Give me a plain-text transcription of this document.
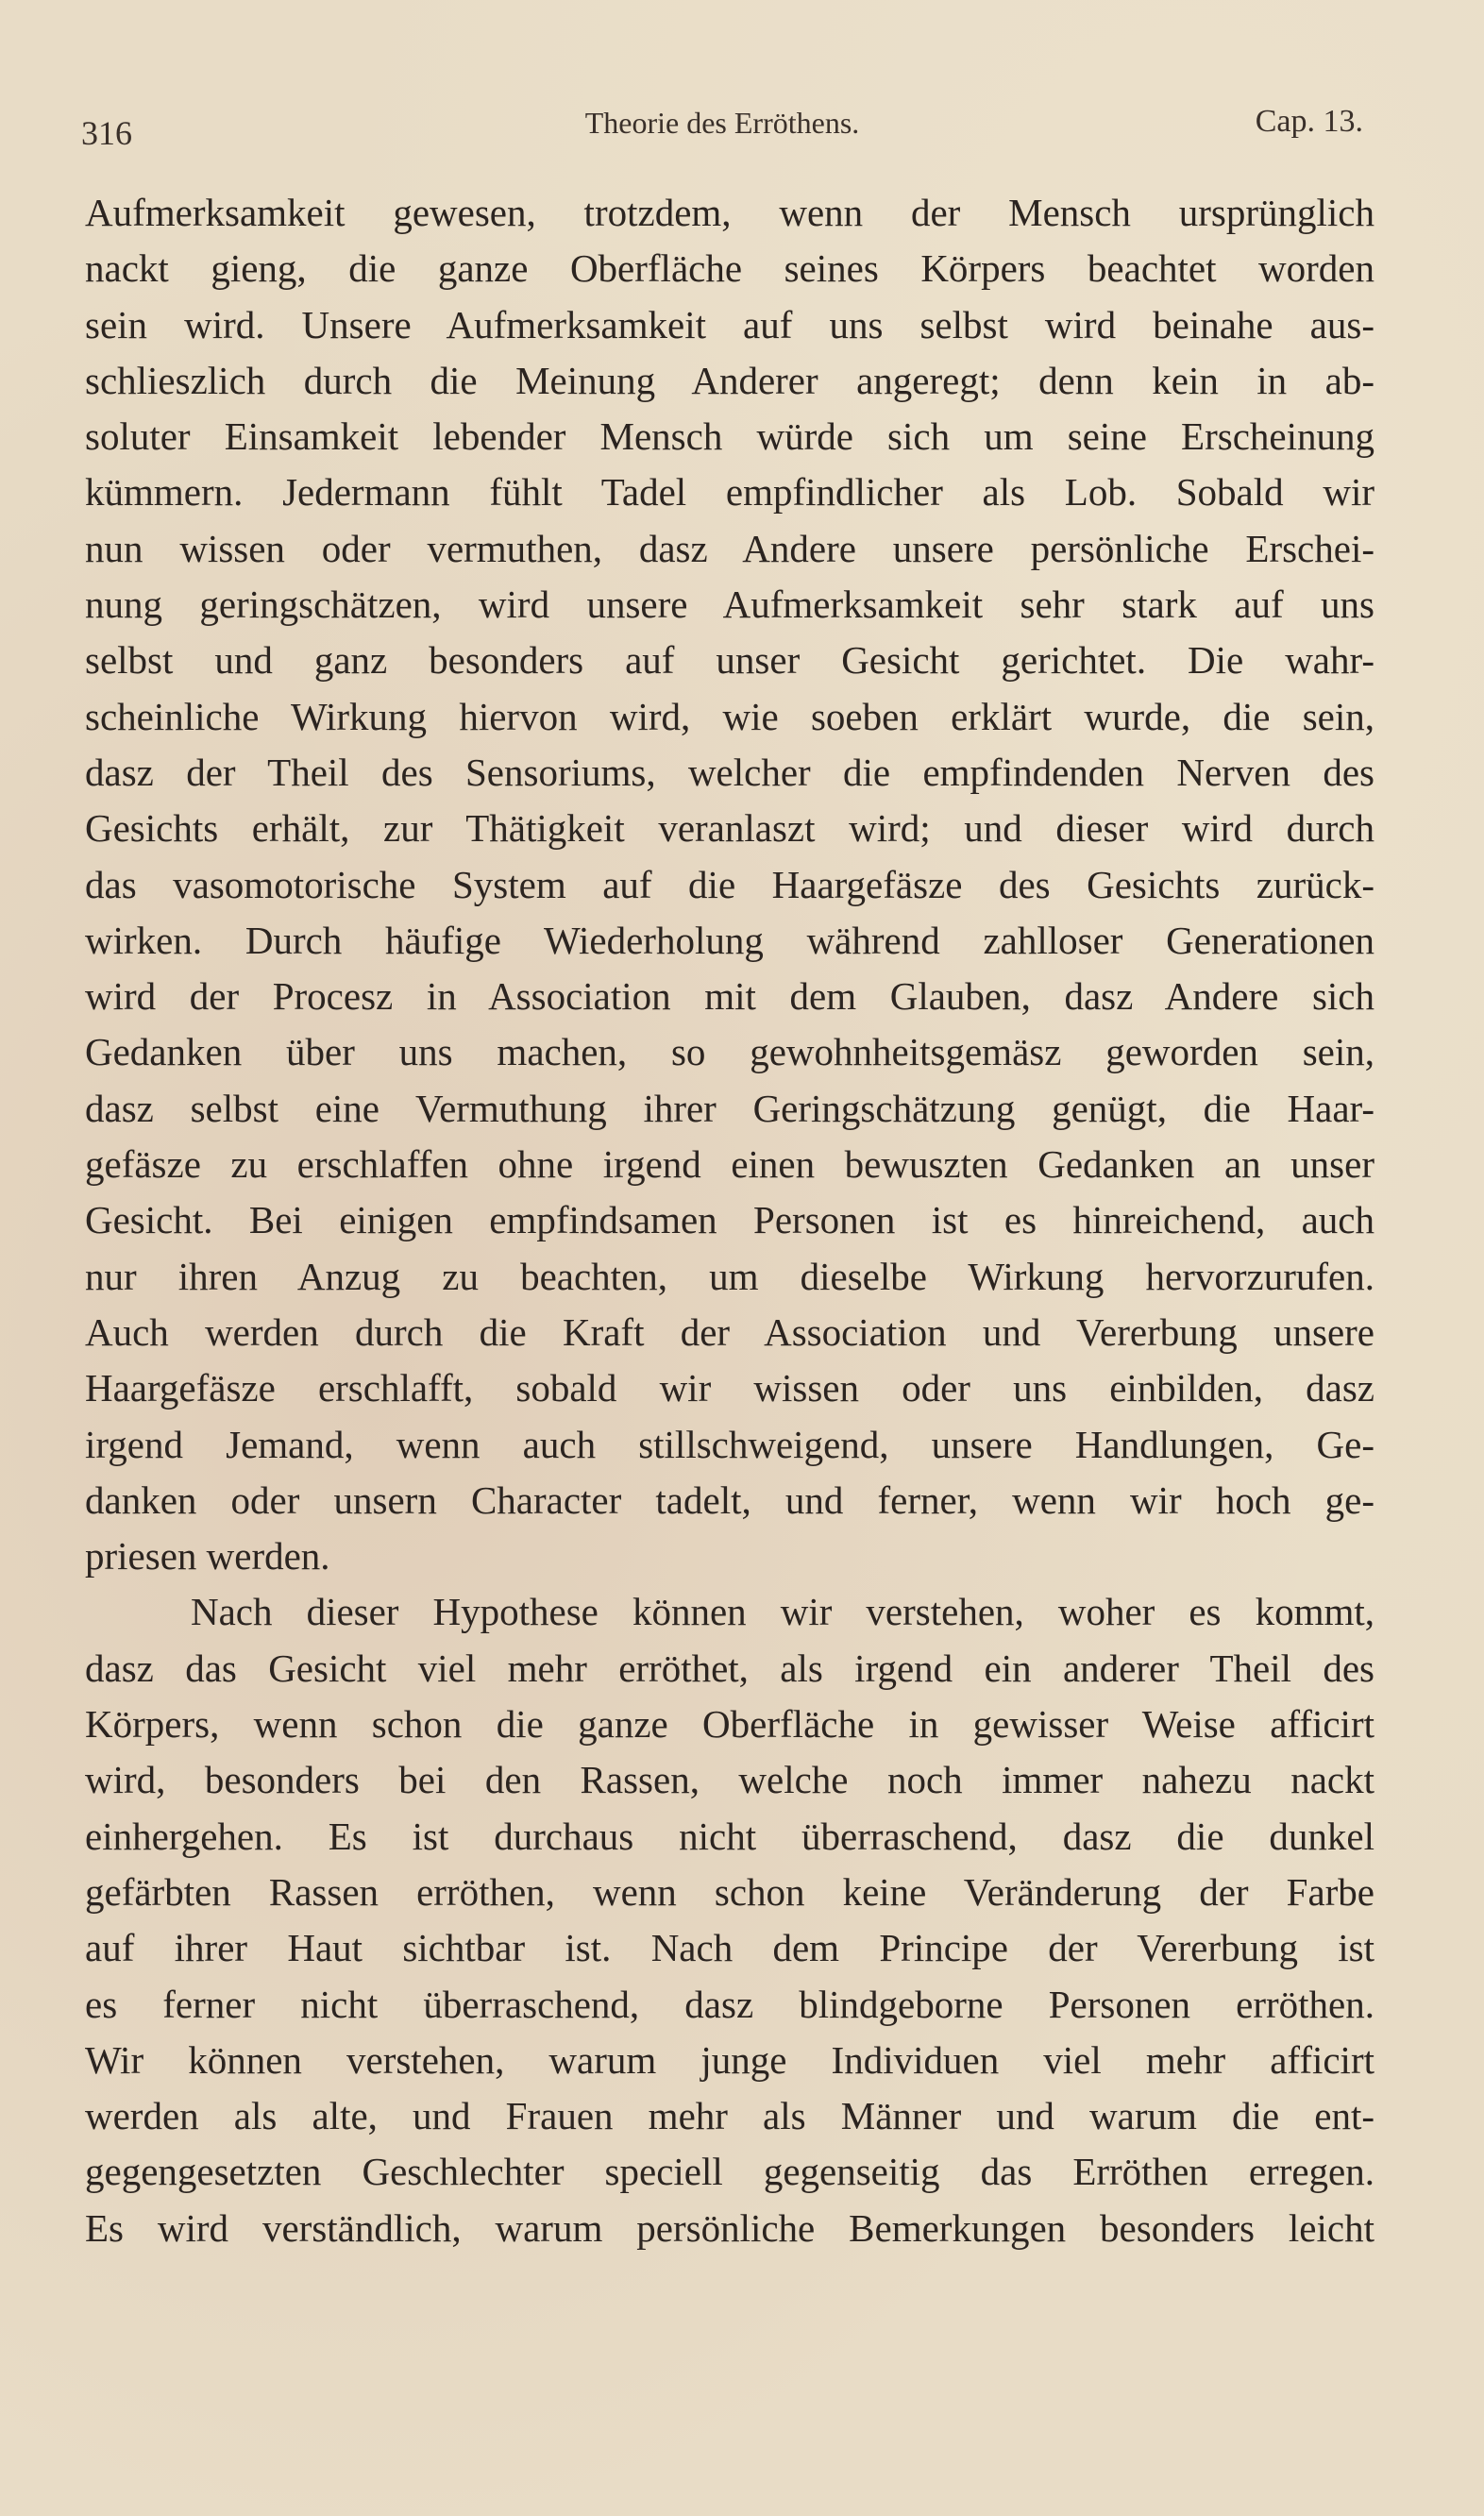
316	Theorie des Erröthens.	Cap. 13.
Aufmerksamkeit gewesen, trotzdem, wenn der Mensch ursprünglich
nackt gieng, die ganze Oberfläche seines Körpers beachtet worden
sein wird. Unsere Aufmerksamkeit auf uns selbst wird beinahe aus-
schlieszlich durch die Meinung Anderer angeregt; denn kein in ab-
soluter Einsamkeit lebender Mensch würde sich um seine Erscheinung
kümmern. Jedermann fühlt Tadel empfindlicher als Lob. Sobald wir
nun wissen oder vermuthen, dasz Andere unsere persönliche Erschei-
nung geringschätzen, wird unsere Aufmerksamkeit sehr stark auf uns
selbst und ganz besonders auf unser Gesicht gerichtet. Die wahr-
scheinliche Wirkung hiervon wird, wie soeben erklärt wurde, die sein,
dasz der Theil des Sensoriums, welcher die empfindenden Nerven des
Gesichts erhält, zur Thätigkeit veranlaszt wird; und dieser wird durch
das vasomotorische System auf die Haargefäsze des Gesichts zurück-
wirken. Durch häufige Wiederholung während zahlloser Generationen
wird der Procesz in Association mit dem Glauben, dasz Andere sich
Gedanken über uns machen, so gewohnheitsgemäsz geworden sein,
dasz selbst eine Vermuthung ihrer Geringschätzung genügt, die Haar-
gefäsze zu erschlaffen ohne irgend einen bewuszten Gedanken an unser
Gesicht. Bei einigen empfindsamen Personen ist es hinreichend, auch
nur ihren Anzug zu beachten, um dieselbe Wirkung hervorzurufen.
Auch werden durch die Kraft der Association und Vererbung unsere
Haargefäsze erschlafft, sobald wir wissen oder uns einbilden, dasz
irgend Jemand, wenn auch stillschweigend, unsere Handlungen, Ge-
danken oder unsern Character tadelt, und ferner, wenn wir hoch ge-
priesen werden.
Nach dieser Hypothese können wir verstehen, woher es kommt,
dasz das Gesicht viel mehr erröthet, als irgend ein anderer Theil des
Körpers, wenn schon die ganze Oberfläche in gewisser Weise afficirt
wird, besonders bei den Rassen, welche noch immer nahezu nackt
einhergehen. Es ist durchaus nicht überraschend, dasz die dunkel
gefärbten Rassen erröthen, wenn schon keine Veränderung der Farbe
auf ihrer Haut sichtbar ist. Nach dem Principe der Vererbung ist
es ferner nicht überraschend, dasz blindgeborne Personen erröthen.
Wir können verstehen, warum junge Individuen viel mehr afficirt
werden als alte, und Frauen mehr als Männer und warum die ent-
gegengesetzten Geschlechter speciell gegenseitig das Erröthen erregen.
Es wird verständlich, warum persönliche Bemerkungen besonders leicht
